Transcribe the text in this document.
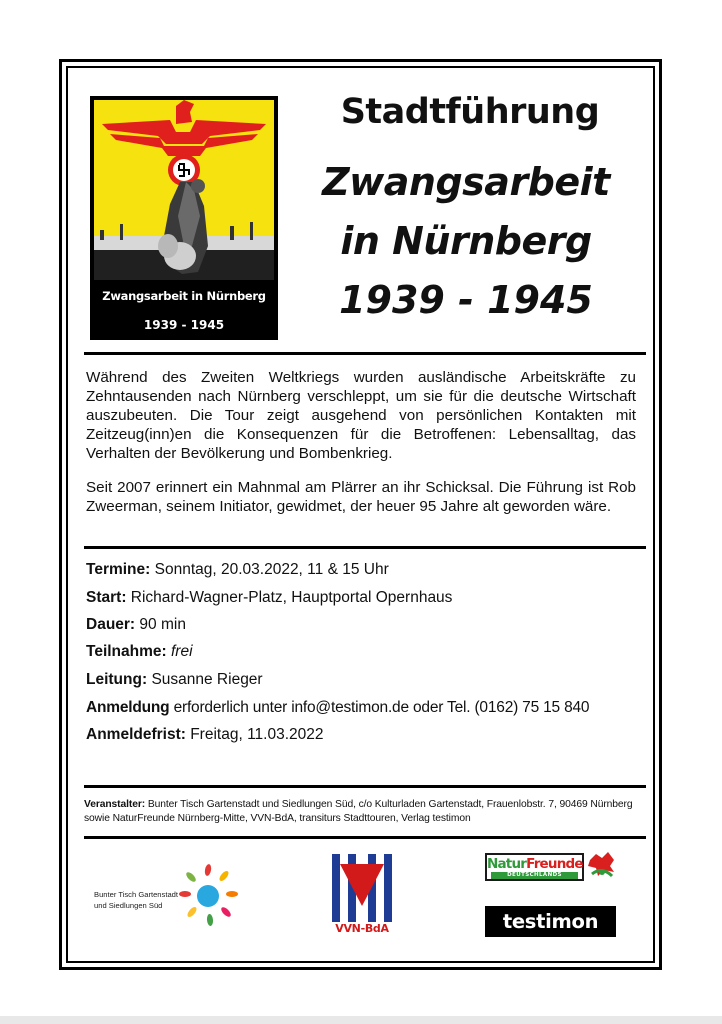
Zwangsarbeit in Nürnberg
1939 - 1945
Stadtführung
Zwangsarbeit
in Nürnberg
1939 - 1945

Während des Zweiten Weltkriegs wurden ausländische Arbeitskräfte zu Zehntausenden nach Nürnberg verschleppt, um sie für die deutsche Wirtschaft auszubeuten. Die Tour zeigt ausgehend von persönlichen Kontakten mit Zeitzeug(inn)en die Konsequenzen für die Betroffenen: Lebensalltag, das Verhalten der Bevölkerung und Bombenkrieg.

Seit 2007 erinnert ein Mahnmal am Plärrer an ihr Schicksal. Die Führung ist Rob Zweerman, seinem Initiator, gewidmet, der heuer 95 Jahre alt geworden wäre.

Termine: Sonntag, 20.03.2022, 11 & 15 Uhr
Start: Richard-Wagner-Platz, Hauptportal Opernhaus
Dauer: 90 min
Teilnahme: frei
Leitung: Susanne Rieger
Anmeldung erforderlich unter info@testimon.de oder Tel. (0162) 75 15 840
Anmeldefrist: Freitag, 11.03.2022
Veranstalter: Bunter Tisch Gartenstadt und Siedlungen Süd, c/o Kulturladen Gartenstadt, Frauenlobstr. 7, 90469 Nürnberg sowie NaturFreunde Nürnberg-Mitte, VVN-BdA, transiturs Stadttouren, Verlag testimon
Bunter Tisch Gartenstadt
und Siedlungen Süd
VVN-BdA
NaturFreunde
DEUTSCHLANDS
testimon
